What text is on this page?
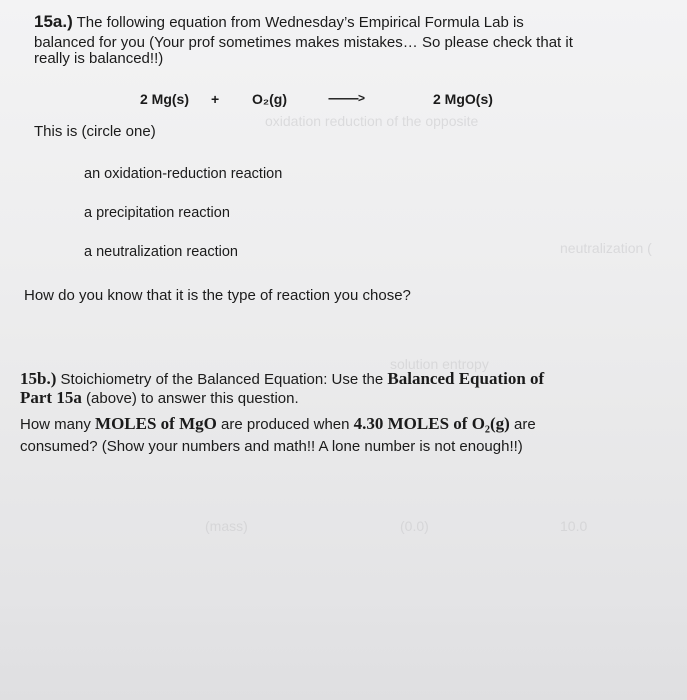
oxidation reduction of the opposite
neutralization (
solution entropy
(mass)	(0.0)	10.0
15a.) The following equation from Wednesday’s Empirical Formula Lab is
balanced for you (Your prof sometimes makes mistakes… So please check that it
really is balanced!!)
2 Mg(s) + O₂(g)	---------->	2 MgO(s)
This is (circle one)
an oxidation-reduction reaction
a precipitation reaction
a neutralization reaction
How do you know that it is the type of reaction you chose?
15b.) Stoichiometry of the Balanced Equation: Use the Balanced Equation of
Part 15a (above) to answer this question.
How many MOLES of MgO are produced when 4.30 MOLES of O₂(g) are
consumed? (Show your numbers and math!! A lone number is not enough!!)
